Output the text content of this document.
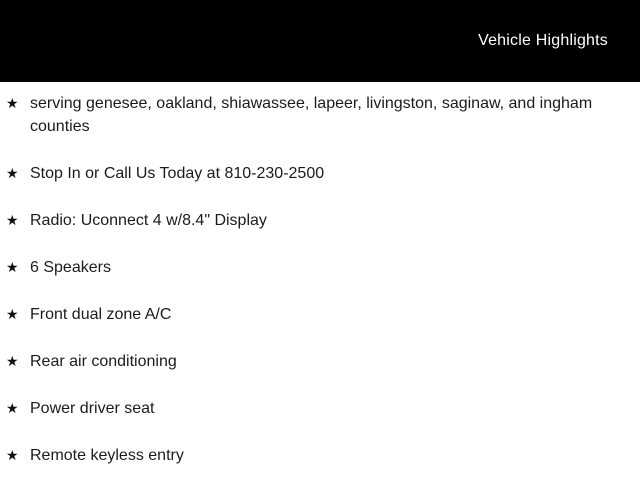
Vehicle Highlights
★ serving genesee, oakland, shiawassee, lapeer, livingston, saginaw, and ingham counties
★ Stop In or Call Us Today at 810-230-2500
★ Radio: Uconnect 4 w/8.4" Display
★ 6 Speakers
★ Front dual zone A/C
★ Rear air conditioning
★ Power driver seat
★ Remote keyless entry
